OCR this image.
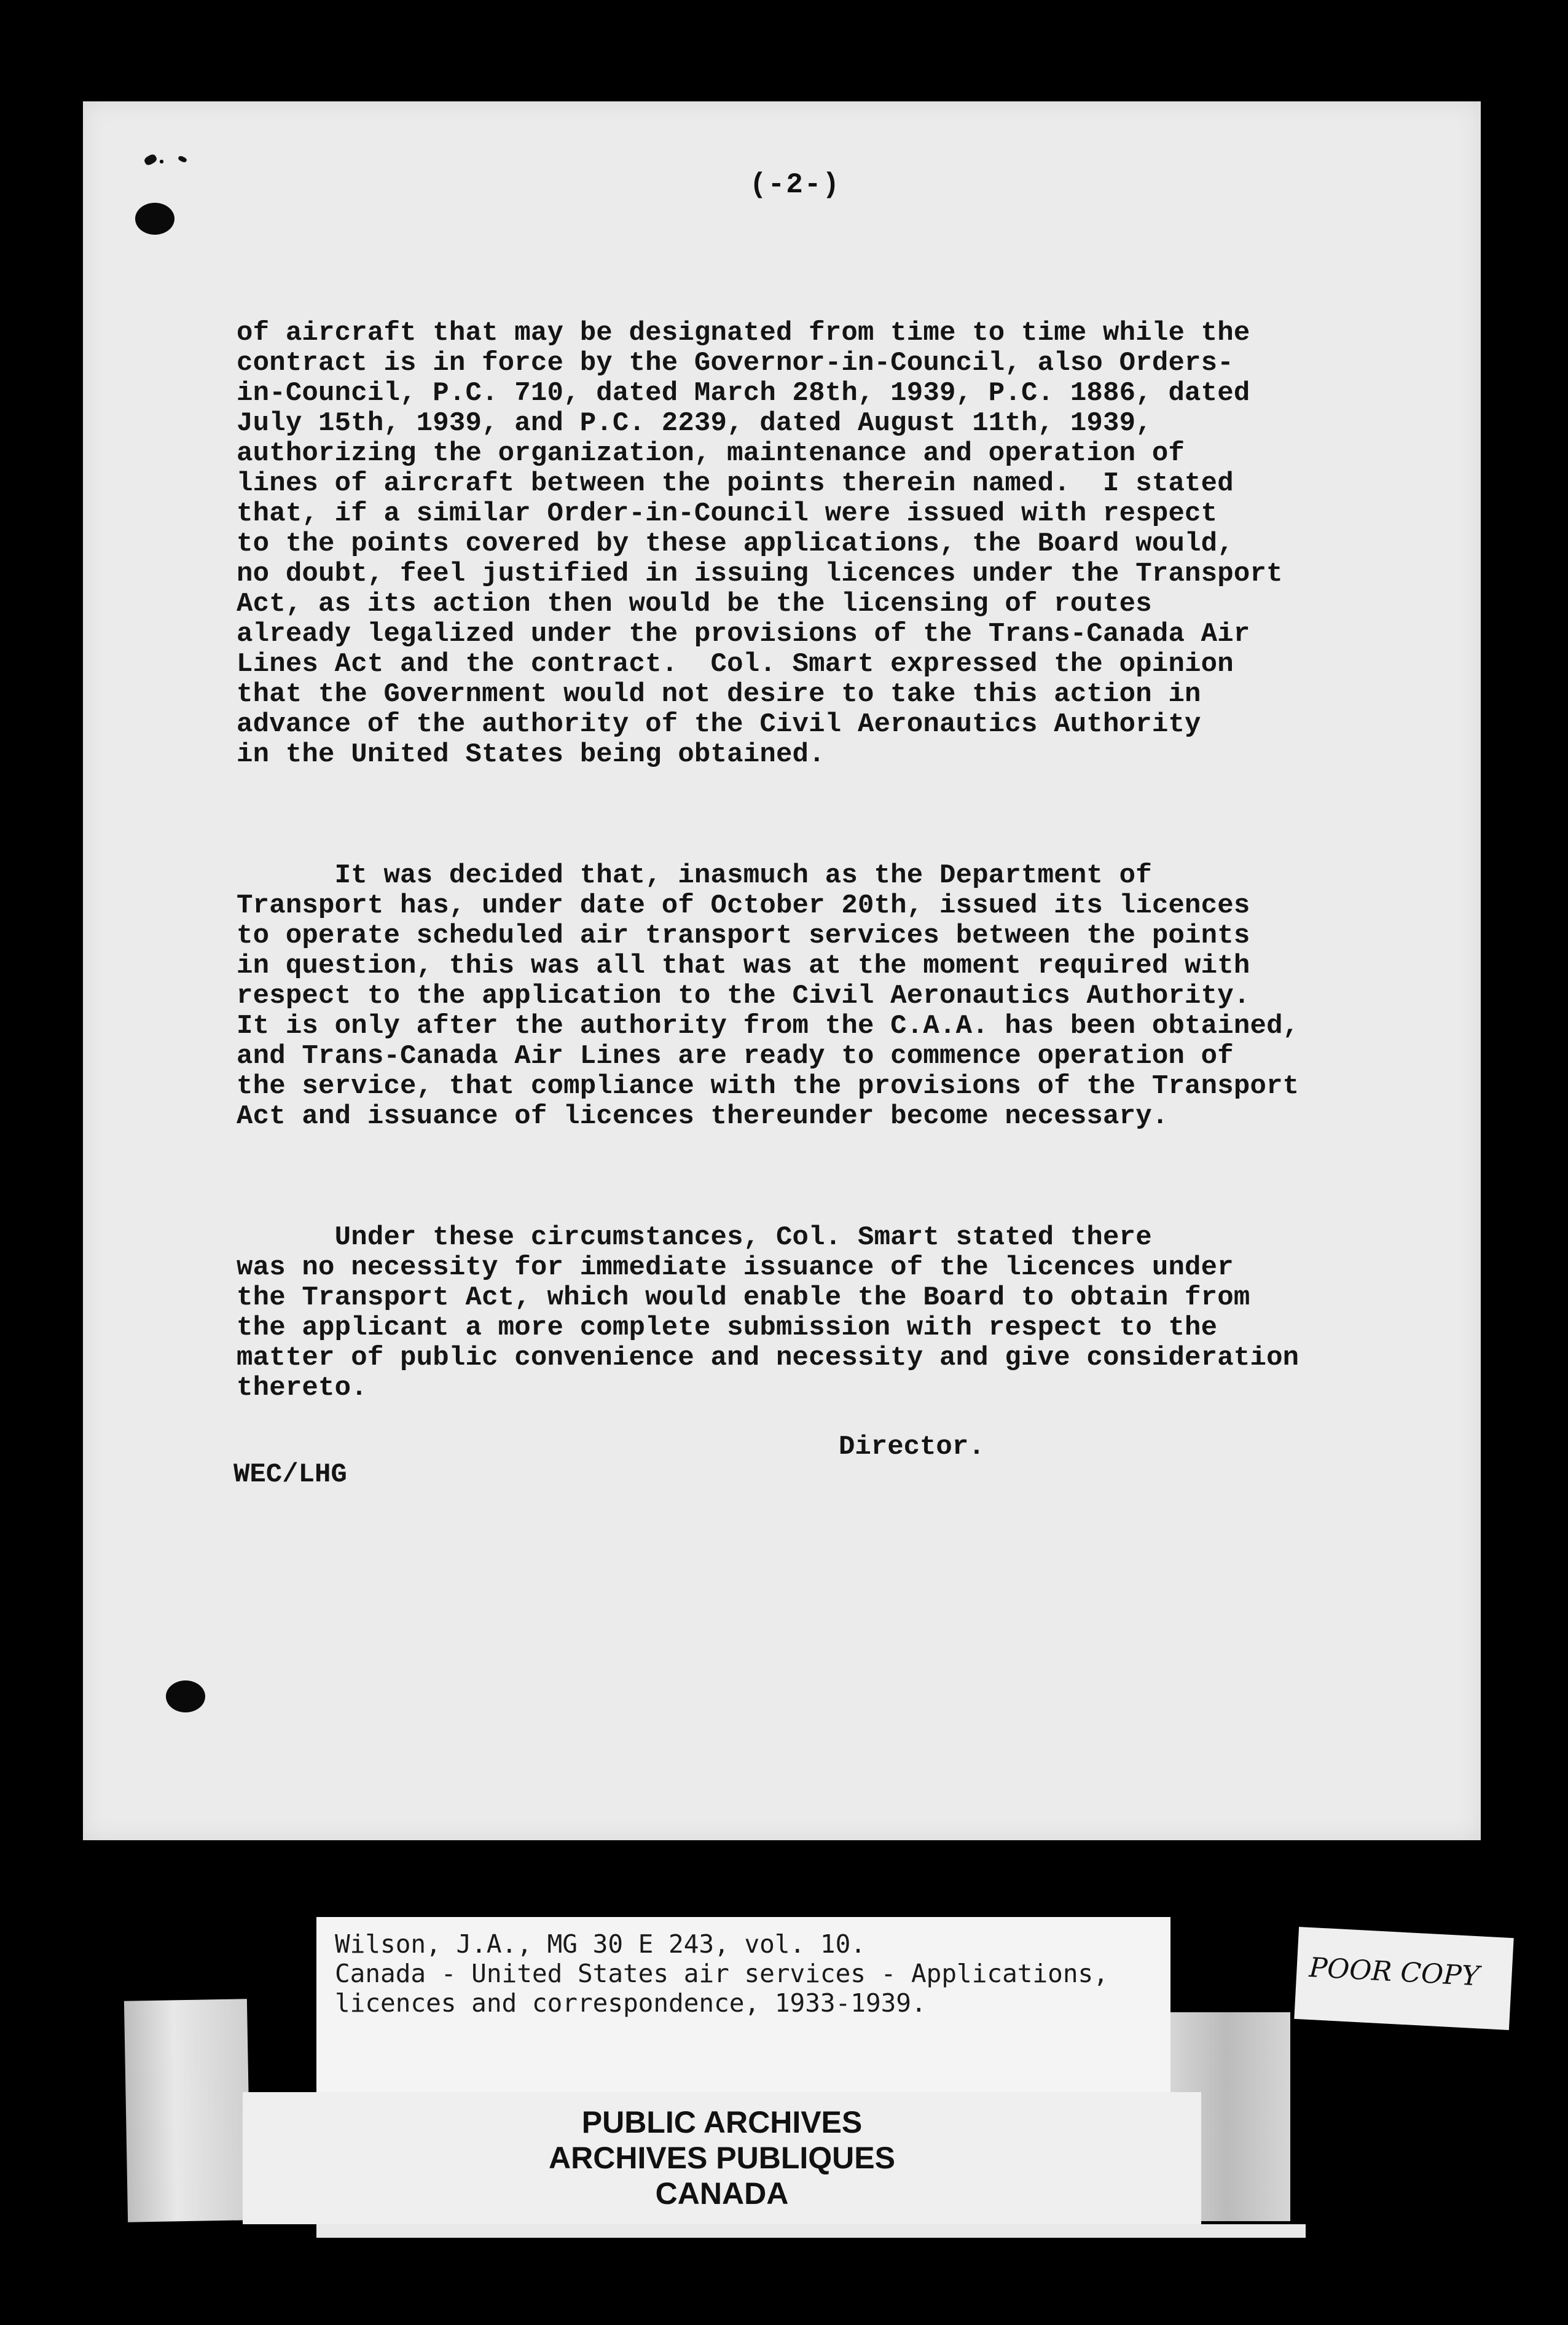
(-2-)

of aircraft that may be designated from time to time while the
contract is in force by the Governor-in-Council, also Orders-
in-Council, P.C. 710, dated March 28th, 1939, P.C. 1886, dated
July 15th, 1939, and P.C. 2239, dated August 11th, 1939,
authorizing the organization, maintenance and operation of
lines of aircraft between the points therein named.  I stated
that, if a similar Order-in-Council were issued with respect
to the points covered by these applications, the Board would,
no doubt, feel justified in issuing licences under the Transport
Act, as its action then would be the licensing of routes
already legalized under the provisions of the Trans-Canada Air
Lines Act and the contract.  Col. Smart expressed the opinion
that the Government would not desire to take this action in
advance of the authority of the Civil Aeronautics Authority
in the United States being obtained.

It was decided that, inasmuch as the Department of
Transport has, under date of October 20th, issued its licences
to operate scheduled air transport services between the points
in question, this was all that was at the moment required with
respect to the application to the Civil Aeronautics Authority.
It is only after the authority from the C.A.A. has been obtained,
and Trans-Canada Air Lines are ready to commence operation of
the service, that compliance with the provisions of the Transport
Act and issuance of licences thereunder become necessary.

Under these circumstances, Col. Smart stated there
was no necessity for immediate issuance of the licences under
the Transport Act, which would enable the Board to obtain from
the applicant a more complete submission with respect to the
matter of public convenience and necessity and give consideration
thereto.

Director.
WEC/LHG
Wilson, J.A., MG 30 E 243, vol. 10.
Canada - United States air services - Applications,
licences and correspondence, 1933-1939.
PUBLIC ARCHIVES
ARCHIVES PUBLIQUES
CANADA
POOR COPY
